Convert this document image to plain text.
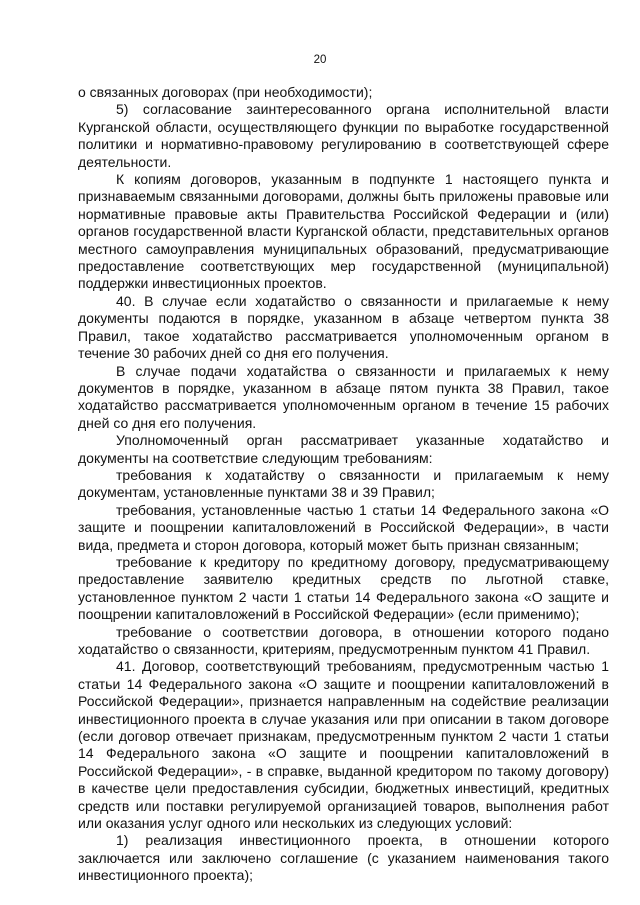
20

о связанных договорах (при необходимости);

5) согласование заинтересованного органа исполнительной власти Курганской области, осуществляющего функции по выработке государственной политики и нормативно-правовому регулированию в соответствующей сфере деятельности.

К копиям договоров, указанным в подпункте 1 настоящего пункта и признаваемым связанными договорами, должны быть приложены правовые или нормативные правовые акты Правительства Российской Федерации и (или) органов государственной власти Курганской области, представительных органов местного самоуправления муниципальных образований, предусматривающие предоставление соответствующих мер государственной (муниципальной) поддержки инвестиционных проектов.

40. В случае если ходатайство о связанности и прилагаемые к нему документы подаются в порядке, указанном в абзаце четвертом пункта 38 Правил, такое ходатайство рассматривается уполномоченным органом в течение 30 рабочих дней со дня его получения.

В случае подачи ходатайства о связанности и прилагаемых к нему документов в порядке, указанном в абзаце пятом пункта 38 Правил, такое ходатайство рассматривается уполномоченным органом в течение 15 рабочих дней со дня его получения.

Уполномоченный орган рассматривает указанные ходатайство и документы на соответствие следующим требованиям:

требования к ходатайству о связанности и прилагаемым к нему документам, установленные пунктами 38 и 39 Правил;

требования, установленные частью 1 статьи 14 Федерального закона «О защите и поощрении капиталовложений в Российской Федерации», в части вида, предмета и сторон договора, который может быть признан связанным;

требование к кредитору по кредитному договору, предусматривающему предоставление заявителю кредитных средств по льготной ставке, установленное пунктом 2 части 1 статьи 14 Федерального закона «О защите и поощрении капиталовложений в Российской Федерации» (если применимо);

требование о соответствии договора, в отношении которого подано ходатайство о связанности, критериям, предусмотренным пунктом 41 Правил.

41. Договор, соответствующий требованиям, предусмотренным частью 1 статьи 14 Федерального закона «О защите и поощрении капиталовложений в Российской Федерации», признается направленным на содействие реализации инвестиционного проекта в случае указания или при описании в таком договоре (если договор отвечает признакам, предусмотренным пунктом 2 части 1 статьи 14 Федерального закона «О защите и поощрении капиталовложений в Российской Федерации», - в справке, выданной кредитором по такому договору) в качестве цели предоставления субсидии, бюджетных инвестиций, кредитных средств или поставки регулируемой организацией товаров, выполнения работ или оказания услуг одного или нескольких из следующих условий:

1) реализация инвестиционного проекта, в отношении которого заключается или заключено соглашение (с указанием наименования такого инвестиционного проекта);
